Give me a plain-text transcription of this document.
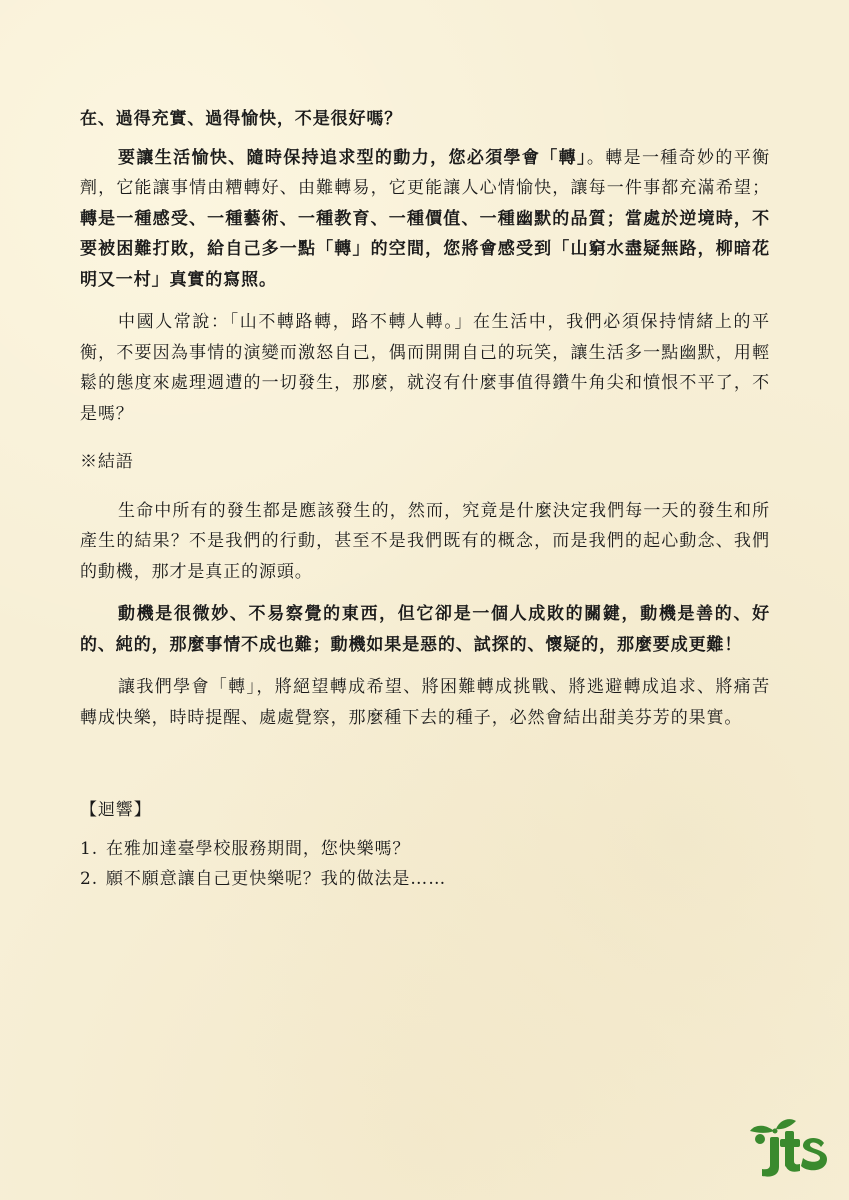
在、過得充實、過得愉快，不是很好嗎？

要讓生活愉快、隨時保持追求型的動力，您必須學會「轉」。轉是一種奇妙的平衡劑，它能讓事情由糟轉好、由難轉易，它更能讓人心情愉快，讓每一件事都充滿希望；轉是一種感受、一種藝術、一種教育、一種價值、一種幽默的品質；當處於逆境時，不要被困難打敗，給自己多一點「轉」的空間，您將會感受到「山窮水盡疑無路，柳暗花明又一村」真實的寫照。

中國人常說：「山不轉路轉，路不轉人轉。」在生活中，我們必須保持情緒上的平衡，不要因為事情的演變而激怒自己，偶而開開自己的玩笑，讓生活多一點幽默，用輕鬆的態度來處理週遭的一切發生，那麼，就沒有什麼事值得鑽牛角尖和憤恨不平了，不是嗎？

※結語

生命中所有的發生都是應該發生的，然而，究竟是什麼決定我們每一天的發生和所產生的結果？不是我們的行動，甚至不是我們既有的概念，而是我們的起心動念、我們的動機，那才是真正的源頭。

動機是很微妙、不易察覺的東西，但它卻是一個人成敗的關鍵，動機是善的、好的、純的，那麼事情不成也難；動機如果是惡的、試探的、懷疑的，那麼要成更難！

讓我們學會「轉」，將絕望轉成希望、將困難轉成挑戰、將逃避轉成追求、將痛苦轉成快樂，時時提醒、處處覺察，那麼種下去的種子，必然會結出甜美芬芳的果實。

【迴響】

1. 在雅加達臺學校服務期間，您快樂嗎？
2. 願不願意讓自己更快樂呢？我的做法是……
